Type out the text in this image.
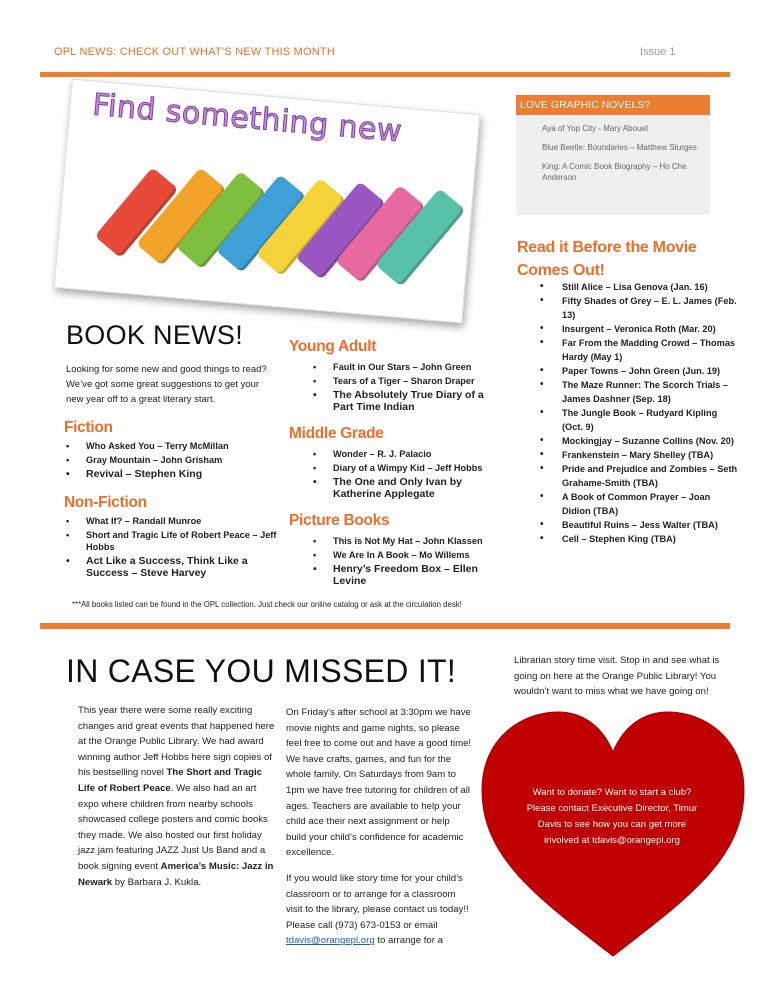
OPL NEWS: CHECK OUT WHAT’S NEW THIS MONTH	Issue 1
Find something new	LOVE GRAPHIC NOVELS?

Aya of Yop City - Mary Abouet

Blue Beetle: Boundaries – Matthew Sturges

King: A Comic Book Biography – Ho Che Anderson

Read it Before the Movie
Comes Out!
• Still Alice – Lisa Genova (Jan. 16)
• Fifty Shades of Grey – E. L. James (Feb. 13)
• Insurgent – Veronica Roth (Mar. 20)
• Far From the Madding Crowd – Thomas Hardy (May 1)
• Paper Towns – John Green (Jun. 19)
• The Maze Runner: The Scorch Trials – James Dashner (Sep. 18)
• The Jungle Book – Rudyard Kipling (Oct. 9)
• Mockingjay – Suzanne Collins (Nov. 20)
• Frankenstein – Mary Shelley (TBA)
• Pride and Prejudice and Zombies – Seth Grahame-Smith (TBA)
• A Book of Common Prayer – Joan Didion (TBA)
• Beautiful Ruins – Jess Walter (TBA)
• Cell – Stephen King (TBA)
BOOK NEWS!
Looking for some new and good things to read? We’ve got some great suggestions to get your new year off to a great literary start.
Fiction
• Who Asked You – Terry McMillan
• Gray Mountain – John Grisham
• Revival – Stephen King
Non-Fiction
• What If? – Randall Munroe
• Short and Tragic Life of Robert Peace – Jeff Hobbs
• Act Like a Success, Think Like a Success – Steve Harvey
Young Adult
• Fault in Our Stars – John Green
• Tears of a Tiger – Sharon Draper
• The Absolutely True Diary of a Part Time Indian
Middle Grade
• Wonder – R. J. Palacio
• Diary of a Wimpy Kid – Jeff Hobbs
• The One and Only Ivan by Katherine Applegate
Picture Books
• This is Not My Hat – John Klassen
• We Are In A Book – Mo Willems
• Henry’s Freedom Box – Ellen Levine
***All books listed can be found in the OPL collection. Just check our online catalog or ask at the circulation desk!
IN CASE YOU MISSED IT!
This year there were some really exciting changes and great events that happened here at the Orange Public Library. We had award winning author Jeff Hobbs here sign copies of his bestselling novel The Short and Tragic Life of Robert Peace. We also had an art expo where children from nearby schools showcased college posters and comic books they made. We also hosted our first holiday jazz jam featuring JAZZ Just Us Band and a book signing event America’s Music: Jazz in Newark by Barbara J. Kukla.

On Friday’s after school at 3:30pm we have movie nights and game nights, so please feel free to come out and have a good time! We have crafts, games, and fun for the whole family. On Saturdays from 9am to 1pm we have free tutoring for children of all ages. Teachers are available to help your child ace their next assignment or help build your child’s confidence for academic excellence.

If you would like story time for your child’s classroom or to arrange for a classroom visit to the library, please contact us today!! Please call (973) 673-0153 or email tdavis@orangepl.org to arrange for a

Librarian story time visit. Stop in and see what is going on here at the Orange Public Library! You wouldn’t want to miss what we have going on!
Want to donate? Want to start a club? Please contact Executive Director, Timur Davis to see how you can get more involved at tdavis@orangepl.org
